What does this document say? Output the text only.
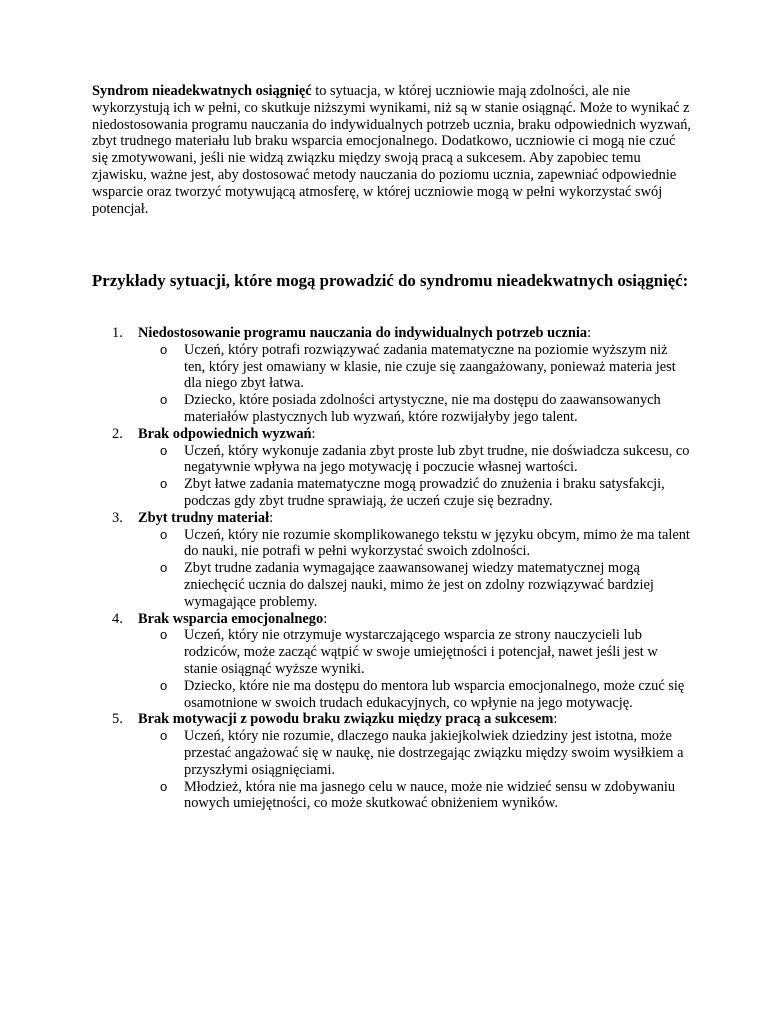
Syndrom nieadekwatnych osiągnięć to sytuacja, w której uczniowie mają zdolności, ale nie wykorzystują ich w pełni, co skutkuje niższymi wynikami, niż są w stanie osiągnąć. Może to wynikać z niedostosowania programu nauczania do indywidualnych potrzeb ucznia, braku odpowiednich wyzwań, zbyt trudnego materiału lub braku wsparcia emocjonalnego. Dodatkowo, uczniowie ci mogą nie czuć się zmotywowani, jeśli nie widzą związku między swoją pracą a sukcesem. Aby zapobiec temu zjawisku, ważne jest, aby dostosować metody nauczania do poziomu ucznia, zapewniać odpowiednie wsparcie oraz tworzyć motywującą atmosferę, w której uczniowie mogą w pełni wykorzystać swój potencjał.

Przykłady sytuacji, które mogą prowadzić do syndromu nieadekwatnych osiągnięć:
1. Niedostosowanie programu nauczania do indywidualnych potrzeb ucznia:
o Uczeń, który potrafi rozwiązywać zadania matematyczne na poziomie wyższym niż ten, który jest omawiany w klasie, nie czuje się zaangażowany, ponieważ materia jest dla niego zbyt łatwa.
o Dziecko, które posiada zdolności artystyczne, nie ma dostępu do zaawansowanych materiałów plastycznych lub wyzwań, które rozwijałyby jego talent.
2. Brak odpowiednich wyzwań:
o Uczeń, który wykonuje zadania zbyt proste lub zbyt trudne, nie doświadcza sukcesu, co negatywnie wpływa na jego motywację i poczucie własnej wartości.
o Zbyt łatwe zadania matematyczne mogą prowadzić do znużenia i braku satysfakcji, podczas gdy zbyt trudne sprawiają, że uczeń czuje się bezradny.
3. Zbyt trudny materiał:
o Uczeń, który nie rozumie skomplikowanego tekstu w języku obcym, mimo że ma talent do nauki, nie potrafi w pełni wykorzystać swoich zdolności.
o Zbyt trudne zadania wymagające zaawansowanej wiedzy matematycznej mogą zniechęcić ucznia do dalszej nauki, mimo że jest on zdolny rozwiązywać bardziej wymagające problemy.
4. Brak wsparcia emocjonalnego:
o Uczeń, który nie otrzymuje wystarczającego wsparcia ze strony nauczycieli lub rodziców, może zacząć wątpić w swoje umiejętności i potencjał, nawet jeśli jest w stanie osiągnąć wyższe wyniki.
o Dziecko, które nie ma dostępu do mentora lub wsparcia emocjonalnego, może czuć się osamotnione w swoich trudach edukacyjnych, co wpłynie na jego motywację.
5. Brak motywacji z powodu braku związku między pracą a sukcesem:
o Uczeń, który nie rozumie, dlaczego nauka jakiejkolwiek dziedziny jest istotna, może przestać angażować się w naukę, nie dostrzegając związku między swoim wysiłkiem a przyszłymi osiągnięciami.
o Młodzież, która nie ma jasnego celu w nauce, może nie widzieć sensu w zdobywaniu nowych umiejętności, co może skutkować obniżeniem wyników.
